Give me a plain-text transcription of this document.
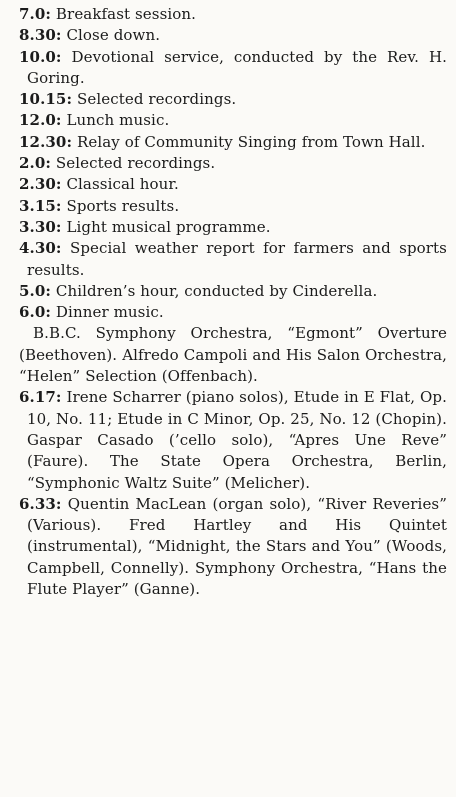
7.0: Breakfast session.

8.30: Close down.

10.0: Devotional service, conducted by the Rev. H. Goring.

10.15: Selected recordings.

12.0: Lunch music.

12.30: Relay of Community Singing from Town Hall.

2.0: Selected recordings.

2.30: Classical hour.

3.15: Sports results.

3.30: Light musical programme.

4.30: Special weather report for farmers and sports results.

5.0: Children’s hour, conducted by Cinderella.

6.0: Dinner music.

B.B.C. Symphony Orchestra, “Egmont” Overture (Beethoven). Alfredo Campoli and His Salon Orchestra, “Helen” Selection (Offenbach).

6.17: Irene Scharrer (piano solos), Etude in E Flat, Op. 10, No. 11; Etude in C Minor, Op. 25, No. 12 (Chopin). Gaspar Casado (’cello solo), “Apres Une Reve” (Faure). The State Opera Orchestra, Berlin, “Symphonic Waltz Suite” (Melicher).

6.33: Quentin MacLean (organ solo), “River Reveries” (Various). Fred Hartley and His Quintet (instrumental), “Midnight, the Stars and You” (Woods, Campbell, Connelly). Symphony Orchestra, “Hans the Flute Player” (Ganne).
